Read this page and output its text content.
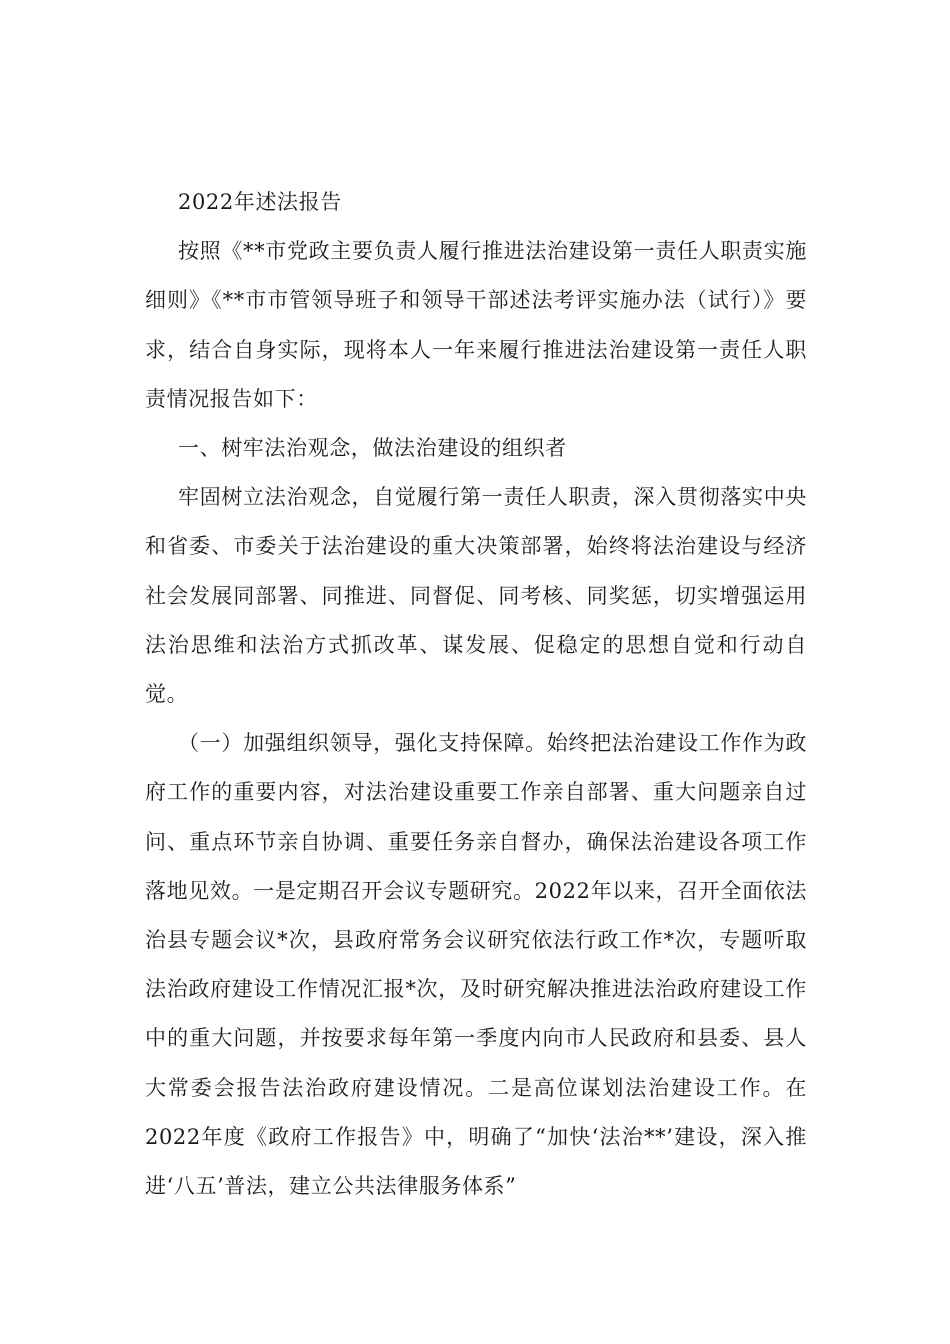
2022年述法报告

按照《**市党政主要负责人履行推进法治建设第一责任人职责实施细则》《**市市管领导班子和领导干部述法考评实施办法（试行）》要求，结合自身实际，现将本人一年来履行推进法治建设第一责任人职责情况报告如下：

一、树牢法治观念，做法治建设的组织者

牢固树立法治观念，自觉履行第一责任人职责，深入贯彻落实中央和省委、市委关于法治建设的重大决策部署，始终将法治建设与经济社会发展同部署、同推进、同督促、同考核、同奖惩，切实增强运用法治思维和法治方式抓改革、谋发展、促稳定的思想自觉和行动自觉。

（一）加强组织领导，强化支持保障。始终把法治建设工作作为政府工作的重要内容，对法治建设重要工作亲自部署、重大问题亲自过问、重点环节亲自协调、重要任务亲自督办，确保法治建设各项工作落地见效。一是定期召开会议专题研究。2022年以来，召开全面依法治县专题会议*次，县政府常务会议研究依法行政工作*次，专题听取法治政府建设工作情况汇报*次，及时研究解决推进法治政府建设工作中的重大问题，并按要求每年第一季度内向市人民政府和县委、县人大常委会报告法治政府建设情况。二是高位谋划法治建设工作。在2022年度《政府工作报告》中，明确了“加快‘法治**’建设，深入推进‘八五’普法，建立公共法律服务体系”
